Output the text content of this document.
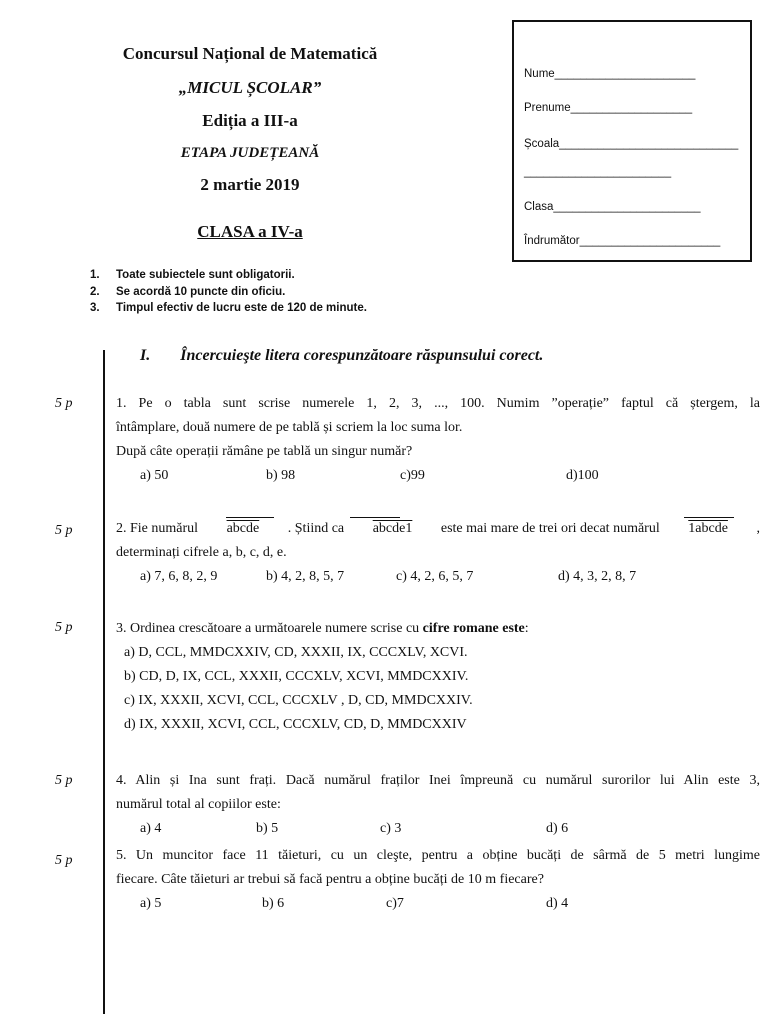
Concursul Național de Matematică
„MICUL ȘCOLAR”
Ediția a III-a
ETAPA JUDEȚEANĂ
2 martie 2019
CLASA a IV-a
Nume______________________
Prenume___________________
Școala____________________________
_______________________
Clasa_______________________
Îndrumător______________________
1. Toate subiectele sunt obligatorii.
2. Se acordă 10 puncte din oficiu.
3. Timpul efectiv de lucru este de 120 de minute.
I. Încercuieşte litera corespunzătoare răspunsului corect.
5 p	1. Pe o tabla sunt scrise numerele 1, 2, 3, ..., 100. Numim ”operație” faptul că ștergem, la
întâmplare, două numere de pe tablă și scriem la loc suma lor.
După câte operații rămâne pe tablă un singur număr?
a) 50	b) 98	c)99	d)100
5 p	2. Fie numărul abcde . Știind ca abcde1 este mai mare de trei ori decat numărul 1abcde ,
determinați cifrele a, b, c, d, e.
a) 7, 6, 8, 2, 9	b) 4, 2, 8, 5, 7	c) 4, 2, 6, 5, 7	d) 4, 3, 2, 8, 7
5 p	3. Ordinea crescătoare a următoarele numere scrise cu cifre romane este:
a) D, CCL, MMDCXXIV, CD, XXXII, IX, CCCXLV, XCVI.
b) CD, D, IX, CCL, XXXII, CCCXLV, XCVI, MMDCXXIV.
c) IX, XXXII, XCVI, CCL, CCCXLV , D, CD, MMDCXXIV.
d) IX, XXXII, XCVI, CCL, CCCXLV, CD, D, MMDCXXIV
5 p	4. Alin și Ina sunt frați. Dacă numărul fraților Inei împreună cu numărul surorilor lui Alin este 3,
numărul total al copiilor este:
a) 4	b) 5	c) 3	d) 6
5 p	5. Un muncitor face 11 tăieturi, cu un cleşte, pentru a obține bucăți de sârmă de 5 metri lungime
fiecare. Câte tăieturi ar trebui să facă pentru a obține bucăți de 10 m fiecare?
a) 5	b) 6	c)7	d) 4
